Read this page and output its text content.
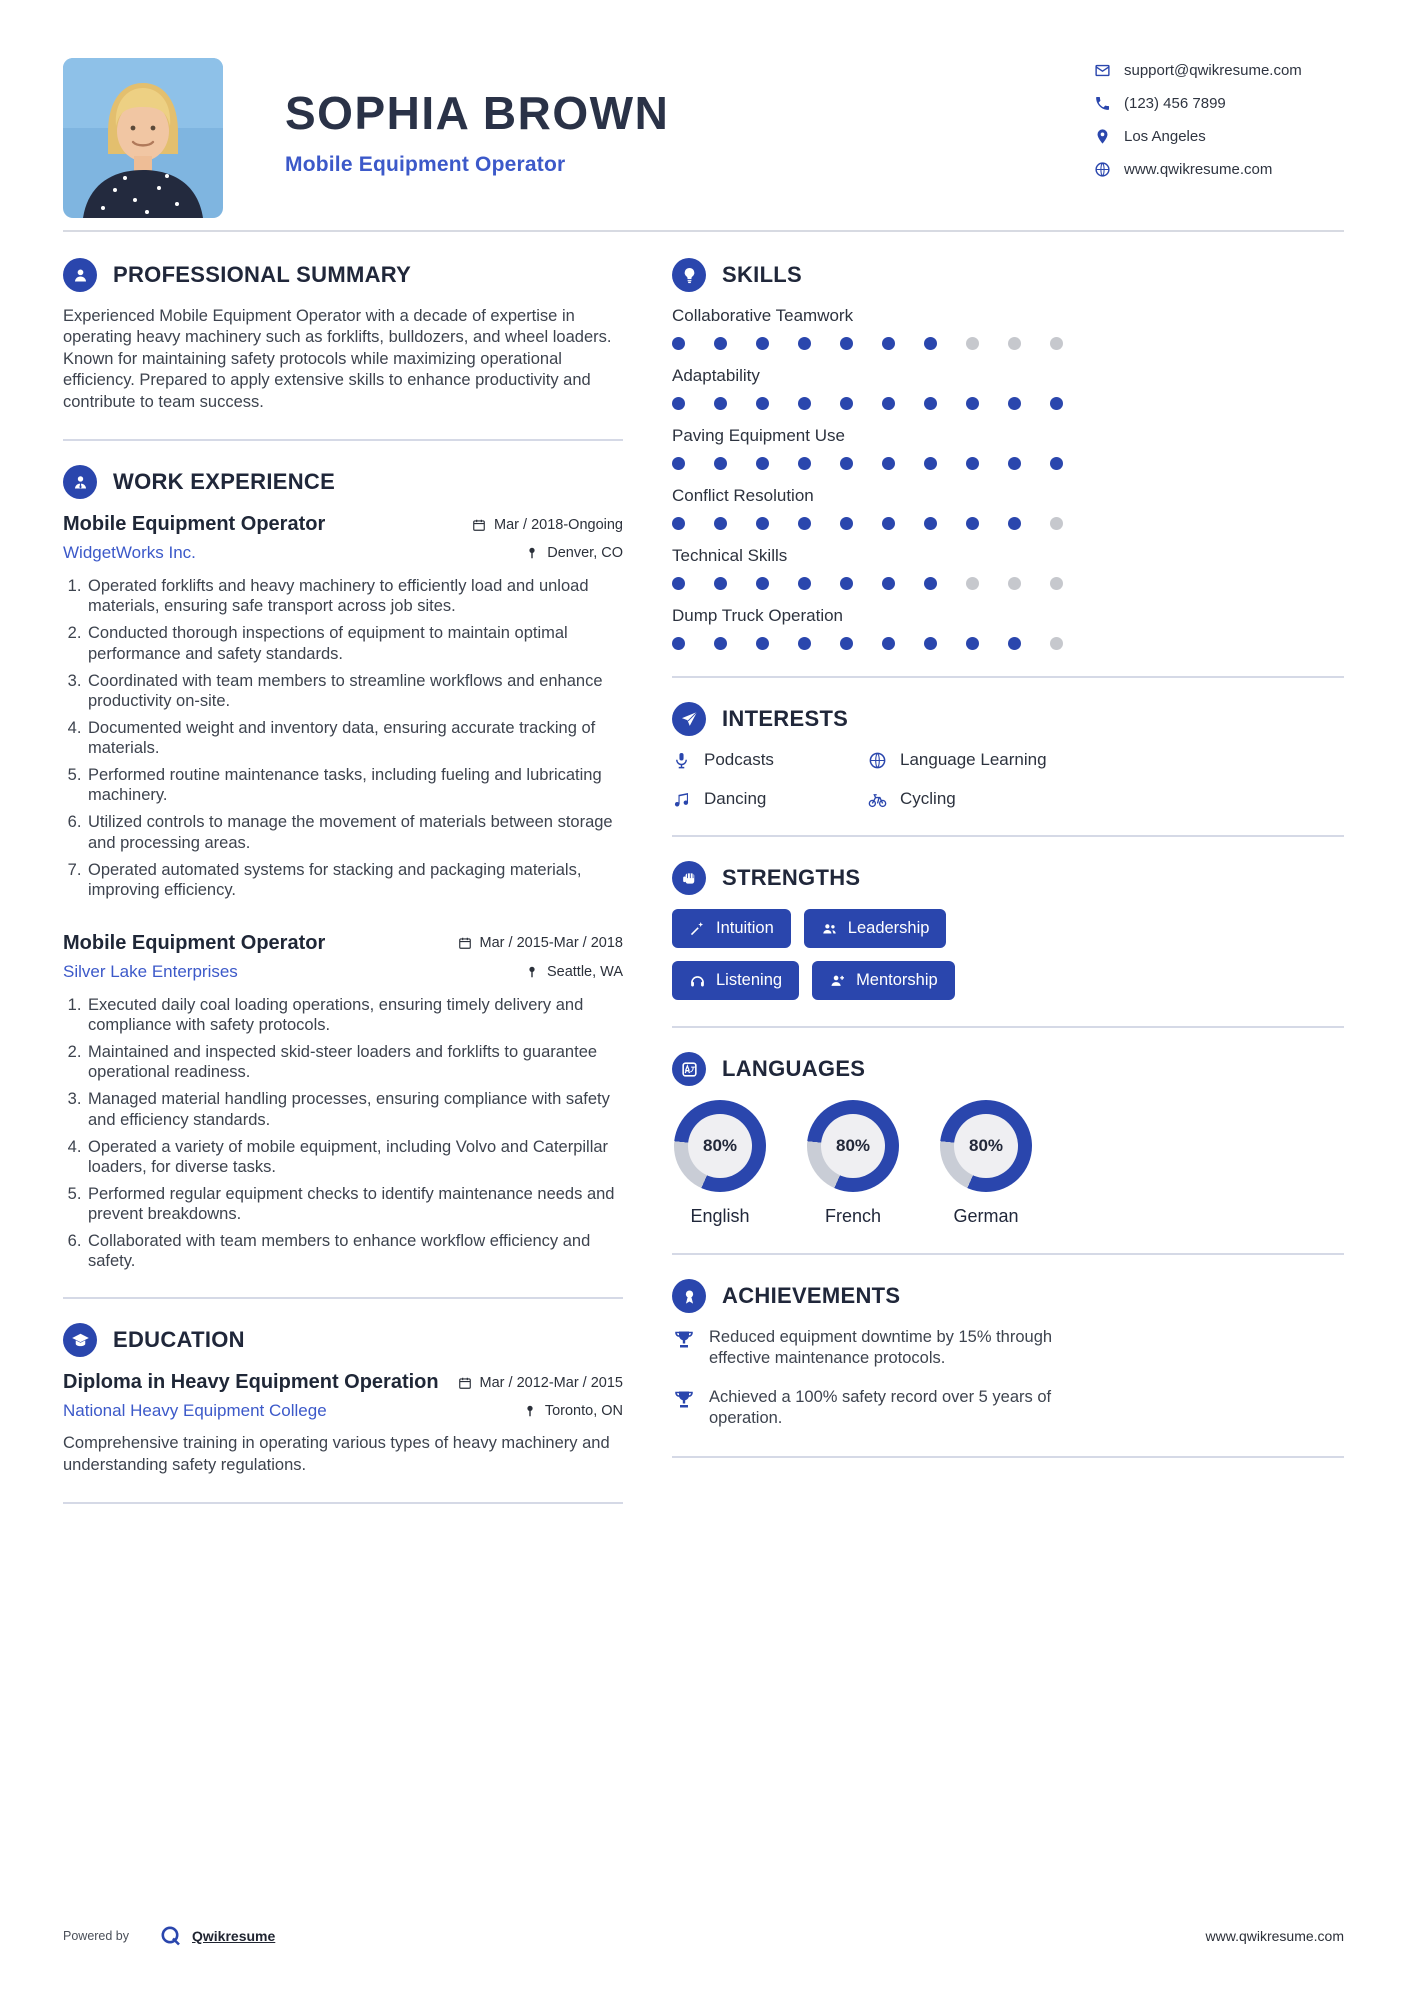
SOPHIA BROWN
Mobile Equipment Operator
support@qwikresume.com
(123) 456 7899
Los Angeles
www.qwikresume.com
PROFESSIONAL SUMMARY

Experienced Mobile Equipment Operator with a decade of expertise in operating heavy machinery such as forklifts, bulldozers, and wheel loaders. Known for maintaining safety protocols while maximizing operational efficiency. Prepared to apply extensive skills to enhance productivity and contribute to team success.

WORK EXPERIENCE
Mobile Equipment Operator	Mar / 2018-Ongoing
WidgetWorks Inc.	Denver, CO
1. Operated forklifts and heavy machinery to efficiently load and unload materials, ensuring safe transport across job sites.
2. Conducted thorough inspections of equipment to maintain optimal performance and safety standards.
3. Coordinated with team members to streamline workflows and enhance productivity on-site.
4. Documented weight and inventory data, ensuring accurate tracking of materials.
5. Performed routine maintenance tasks, including fueling and lubricating machinery.
6. Utilized controls to manage the movement of materials between storage and processing areas.
7. Operated automated systems for stacking and packaging materials, improving efficiency.
Mobile Equipment Operator	Mar / 2015-Mar / 2018
Silver Lake Enterprises	Seattle, WA
1. Executed daily coal loading operations, ensuring timely delivery and compliance with safety protocols.
2. Maintained and inspected skid-steer loaders and forklifts to guarantee operational readiness.
3. Managed material handling processes, ensuring compliance with safety and efficiency standards.
4. Operated a variety of mobile equipment, including Volvo and Caterpillar loaders, for diverse tasks.
5. Performed regular equipment checks to identify maintenance needs and prevent breakdowns.
6. Collaborated with team members to enhance workflow efficiency and safety.
EDUCATION
Diploma in Heavy Equipment Operation	Mar / 2012-Mar / 2015
National Heavy Equipment College	Toronto, ON

Comprehensive training in operating various types of heavy machinery and understanding safety regulations.

SKILLS
Collaborative Teamwork
Adaptability
Paving Equipment Use
Conflict Resolution
Technical Skills
Dump Truck Operation
INTERESTS
Podcasts	Language Learning
Dancing	Cycling
STRENGTHS
Intuition	Leadership
Listening	Mentorship
LANGUAGES
80%
English
80%
French
80%
German
ACHIEVEMENTS
Reduced equipment downtime by 15% through effective maintenance protocols.
Achieved a 100% safety record over 5 years of operation.
Powered by	Qwikresume	www.qwikresume.com
